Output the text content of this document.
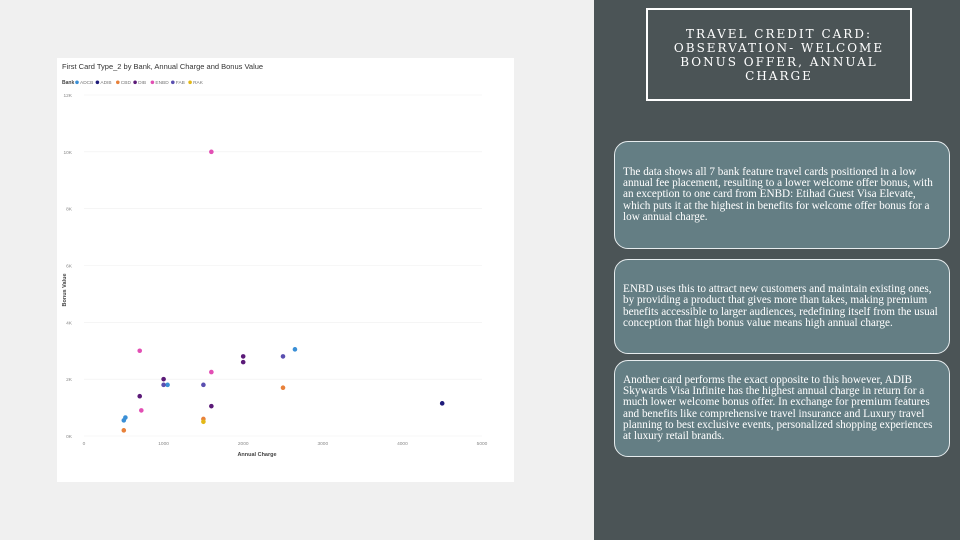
First Card Type_2 by Bank, Annual Charge and Bonus Value
Bank ADCB ADIB CBD DIB ENBD FAB RAK
0K
2K
4K
6K
8K
10K
12K
0	1000	2000	3000	4000	5000
Bonus Value
Annual Charge
TRAVEL CREDIT CARD: OBSERVATION- WELCOME BONUS OFFER, ANNUAL CHARGE

The data shows all 7 bank feature travel cards positioned in a low annual fee placement, resulting to a lower welcome offer bonus, with an exception to one card from ENBD: Etihad Guest Visa Elevate, which puts it at the highest in benefits for welcome offer bonus for a low annual charge.

ENBD uses this to attract new customers and maintain existing ones, by providing a product that gives more than takes, making premium benefits accessible to larger audiences, redefining itself from the usual conception that high bonus value means high annual charge.

Another card performs the exact opposite to this however, ADIB Skywards Visa Infinite has the highest annual charge in return for a much lower welcome bonus offer. In exchange for premium features and benefits like comprehensive travel insurance and Luxury travel planning to best exclusive events, personalized shopping experiences at luxury retail brands.
